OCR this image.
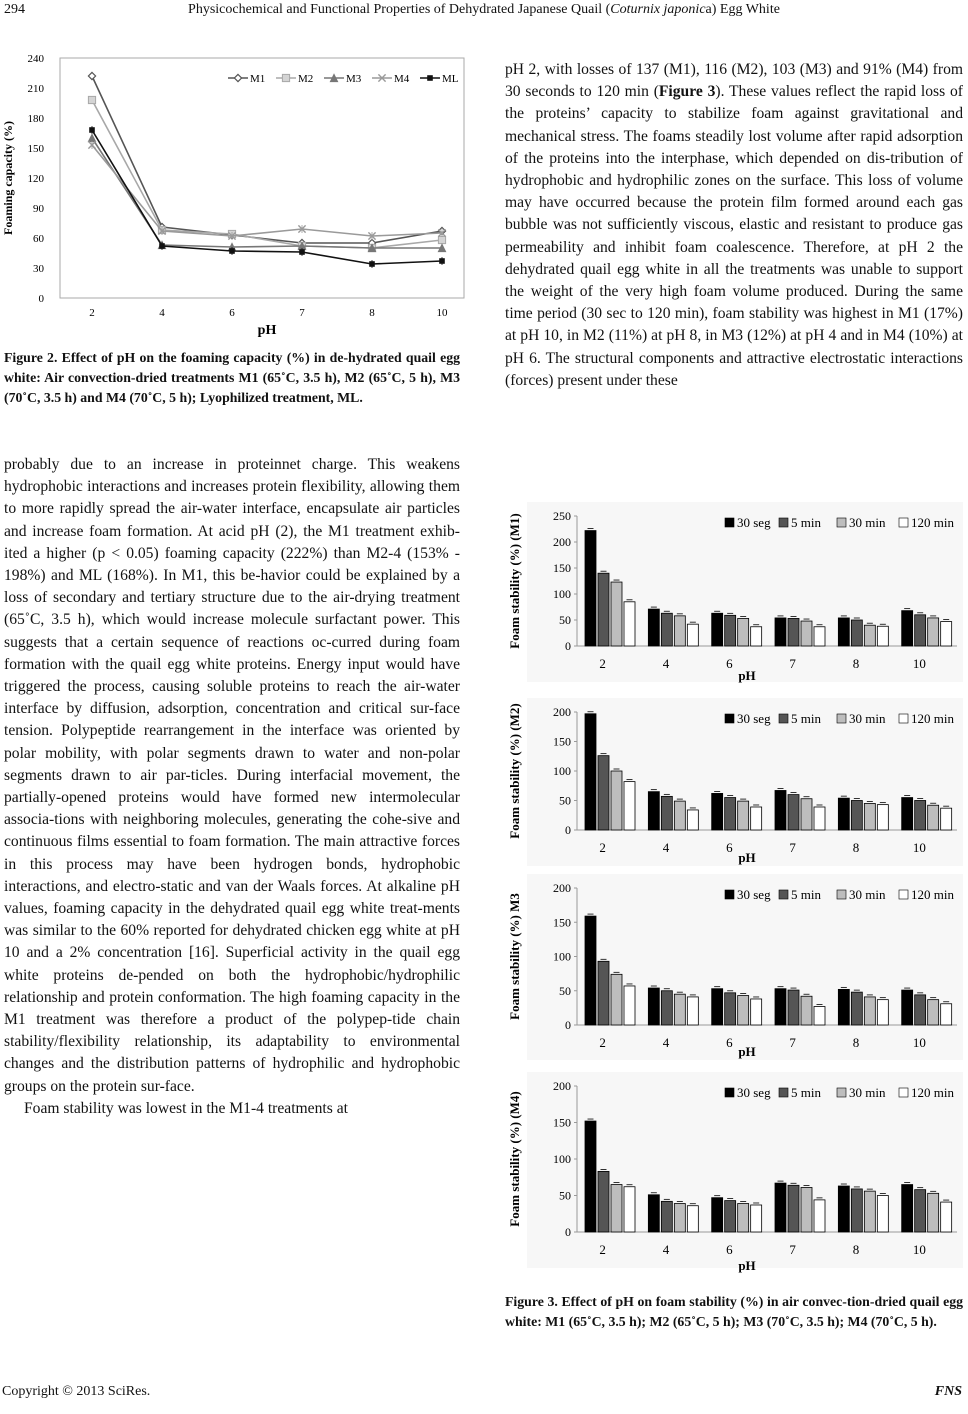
294	Physicochemical and Functional Properties of Dehydrated Japanese Quail (Coturnix japonica) Egg White
0
30
60
90
120
150
180
210
240
2	4	6	7	8	10
pH
Foaming capacity (%)
M1	M2	M3	M4	ML
Figure 2. Effect of pH on the foaming capacity (%) in de-hydrated quail egg white: Air convection-dried treatments M1 (65˚C, 3.5 h), M2 (65˚C, 5 h), M3 (70˚C, 3.5 h) and M4 (70˚C, 5 h); Lyophilized treatment, ML.

probably due to an increase in proteinnet charge. This weakens hydrophobic interactions and increases protein flexibility, allowing them to more rapidly spread the air-water interface, encapsulate air particles and increase foam formation. At acid pH (2), the M1 treatment exhib-ited a higher (p < 0.05) foaming capacity (222%) than M2-4 (153% - 198%) and ML (168%). In M1, this be-havior could be explained by a loss of secondary and tertiary structure due to the air-drying treatment (65˚C, 3.5 h), which would increase molecule surfactant power. This suggests that a certain sequence of reactions oc-curred during foam formation with the quail egg white proteins. Energy input would have triggered the process, causing soluble proteins to reach the air-water interface by diffusion, adsorption, concentration and critical sur-face tension. Polypeptide rearrangement in the interface was oriented by polar mobility, with polar segments drawn to water and non-polar segments drawn to air par-ticles. During interfacial movement, the partially-opened proteins would have formed new intermolecular associa-tions with neighboring molecules, generating the cohe-sive and continuous films essential to foam formation. The main attractive forces in this process may have been hydrogen bonds, hydrophobic interactions, and electro-static and van der Waals forces. At alkaline pH values, foaming capacity in the dehydrated quail egg white treat-ments was similar to the 60% reported for dehydrated chicken egg white at pH 10 and a 2% concentration [16]. Superficial activity in the quail egg white proteins de-pended on both the hydrophobic/hydrophilic relationship and protein conformation. The high foaming capacity in the M1 treatment was therefore a product of the polypep-tide chain stability/flexibility relationship, its adaptability to environmental changes and the distribution patterns of hydrophilic and hydrophobic groups on the protein sur-face.

Foam stability was lowest in the M1-4 treatments at

pH 2, with losses of 137 (M1), 116 (M2), 103 (M3) and 91% (M4) from 30 seconds to 120 min (Figure 3). These values reflect the rapid loss of the proteins’ capacity to stabilize foam against gravitational and mechanical stress. The foams steadily lost volume after rapid adsorption of the proteins into the interphase, which depended on dis-tribution of hydrophobic and hydrophilic zones on the surface. This loss of volume may have occurred because the protein film formed around each gas bubble was not sufficiently viscous, elastic and resistant to produce gas permeability and inhibit foam coalescence. Therefore, at pH 2 the dehydrated quail egg white in all the treatments was unable to support the weight of the very high foam volume produced. During the same time period (30 sec to 120 min), foam stability was highest in M1 (17%) at pH 10, in M2 (11%) at pH 8, in M3 (12%) at pH 4 and in M4 (10%) at pH 6. The structural components and attractive electrostatic interactions (forces) present under these

0
50
100
150
200
250
2	4	6	7	8	10
pH
Foam stability (%) (M1)	30 seg 5 min 30 min 120 min
0
50
100
150
200
2	4	6	7	8	10
pH
Foam stability (%) (M2)	30 seg 5 min 30 min 120 min
0
50
100
150
200
2	4	6	7	8	10
pH
Foam stability (%) M3	30 seg 5 min 30 min 120 min
0
50
100
150
200
2	4	6	7	8	10
pH
Foam stability (%) (M4)	30 seg 5 min 30 min 120 min
Figure 3. Effect of pH on foam stability (%) in air convec-tion-dried quail egg white: M1 (65˚C, 3.5 h); M2 (65˚C, 5 h); M3 (70˚C, 3.5 h); M4 (70˚C, 5 h).
Copyright © 2013 SciRes.	FNS
